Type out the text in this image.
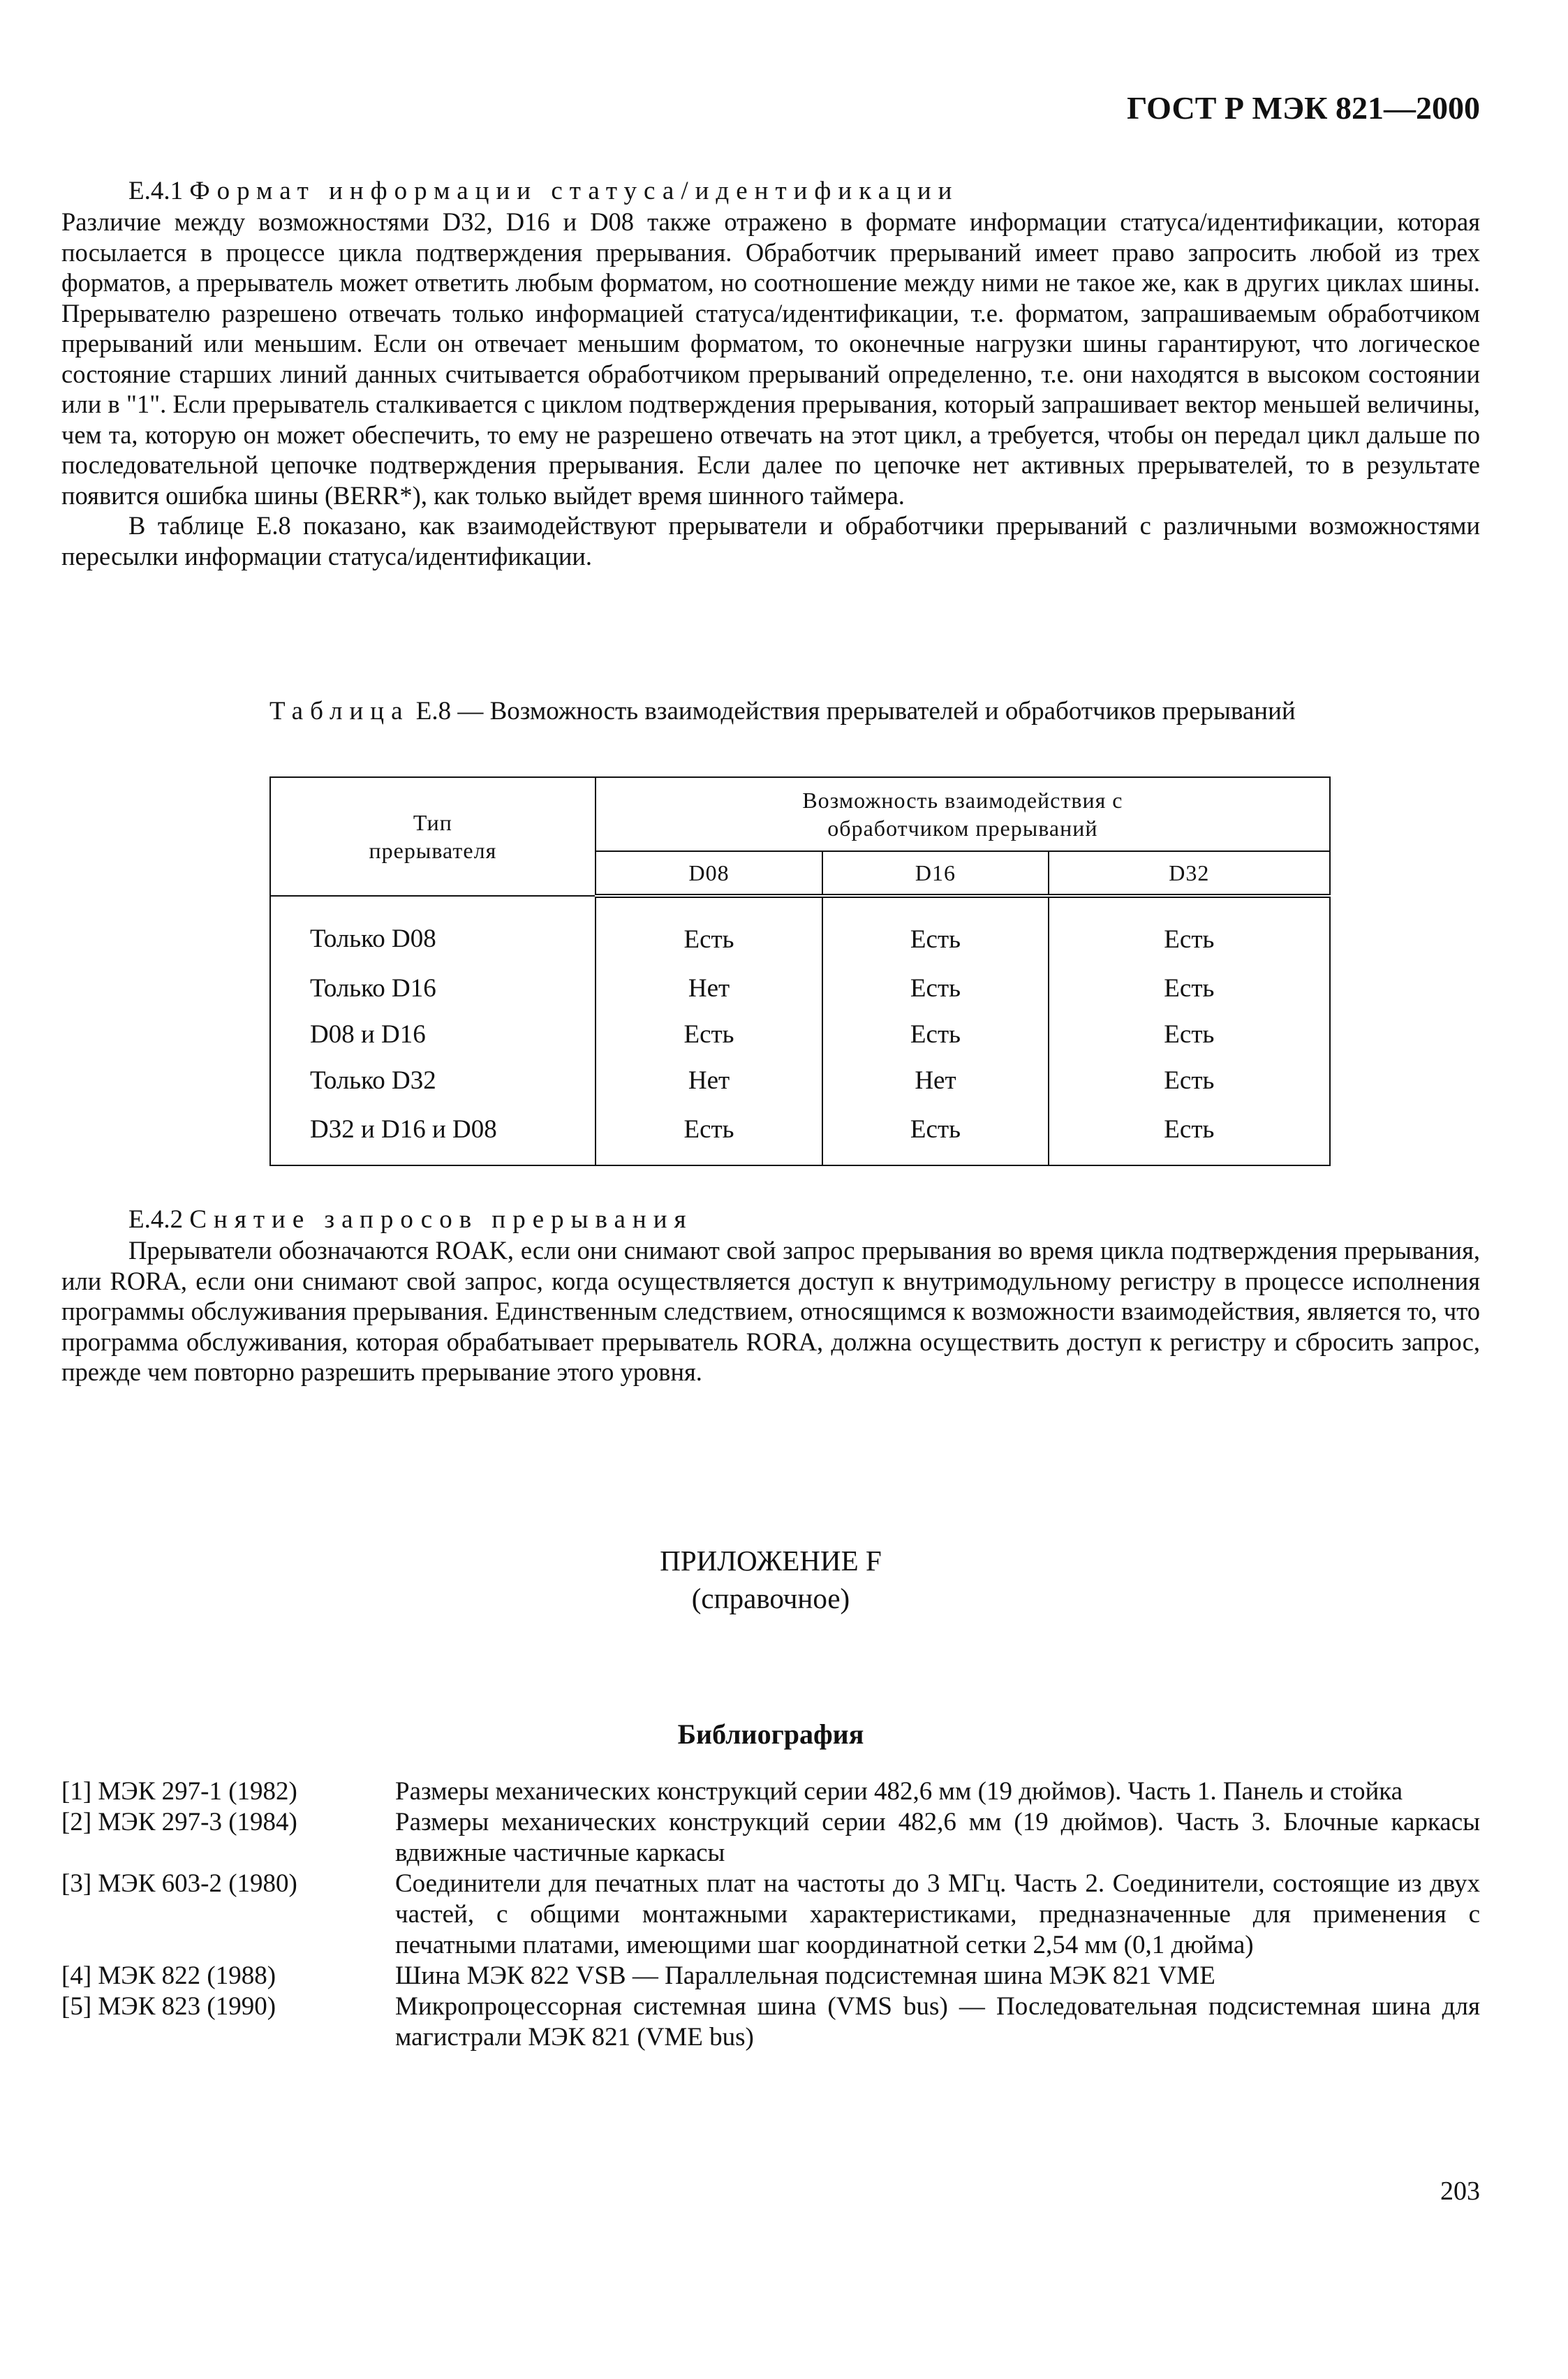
ГОСТ Р МЭК 821—2000
Е.4.1 Формат информации статуса/идентификации

Различие между возможностями D32, D16 и D08 также отражено в формате информации статуса/идентификации, которая посылается в процессе цикла подтверждения прерывания. Обработчик прерываний имеет право запросить любой из трех форматов, а прерыватель может ответить любым форматом, но соотношение между ними не такое же, как в других циклах шины. Прерывателю разрешено отвечать только информацией статуса/идентификации, т.е. форматом, запрашиваемым обработчиком прерываний или меньшим. Если он отвечает меньшим форматом, то оконечные нагрузки шины гарантируют, что логическое состояние старших линий данных считывается обработчиком прерываний определенно, т.е. они находятся в высоком состоянии или в "1". Если прерыватель сталкивается с циклом подтверждения прерывания, который запрашивает вектор меньшей величины, чем та, которую он может обеспечить, то ему не разрешено отвечать на этот цикл, а требуется, чтобы он передал цикл дальше по последовательной цепочке подтверждения прерывания. Если далее по цепочке нет активных прерывателей, то в результате появится ошибка шины (BERR*), как только выйдет время шинного таймера.

В таблице Е.8 показано, как взаимодействуют прерыватели и обработчики прерываний с различными возможностями пересылки информации статуса/идентификации.

Таблица Е.8 — Возможность взаимодействия прерывателей и обработчиков прерываний
Тип прерывателя	Возможность взаимодействия с обработчиком прерываний		
	D08	D16	D32
Только D08	Есть	Есть	Есть
Только D16	Нет	Есть	Есть
D08 и D16	Есть	Есть	Есть
Только D32	Нет	Нет	Есть
D32 и D16 и D08	Есть	Есть	Есть
Е.4.2 Снятие запросов прерывания

Прерыватели обозначаются ROAK, если они снимают свой запрос прерывания во время цикла подтверждения прерывания, или RORA, если они снимают свой запрос, когда осуществляется доступ к внутримодульному регистру в процессе исполнения программы обслуживания прерывания. Единственным следствием, относящимся к возможности взаимодействия, является то, что программа обслуживания, которая обрабатывает прерыватель RORA, должна осуществить доступ к регистру и сбросить запрос, прежде чем повторно разрешить прерывание этого уровня.

ПРИЛОЖЕНИЕ F
(справочное)
Библиография
[1] МЭК 297-1 (1982)	Размеры механических конструкций серии 482,6 мм (19 дюймов). Часть 1. Панель и стойка
[2] МЭК 297-3 (1984)	Размеры механических конструкций серии 482,6 мм (19 дюймов). Часть 3. Блочные каркасы вдвижные частичные каркасы
[3] МЭК 603-2 (1980)	Соединители для печатных плат на частоты до 3 МГц. Часть 2. Соединители, состоящие из двух частей, с общими монтажными характеристиками, предназначенные для применения с печатными платами, имеющими шаг координатной сетки 2,54 мм (0,1 дюйма)
[4] МЭК 822 (1988)	Шина МЭК 822 VSB — Параллельная подсистемная шина МЭК 821 VME
[5] МЭК 823 (1990)	Микропроцессорная системная шина (VMS bus) — Последовательная подсистемная шина для магистрали МЭК 821 (VME bus)
203
